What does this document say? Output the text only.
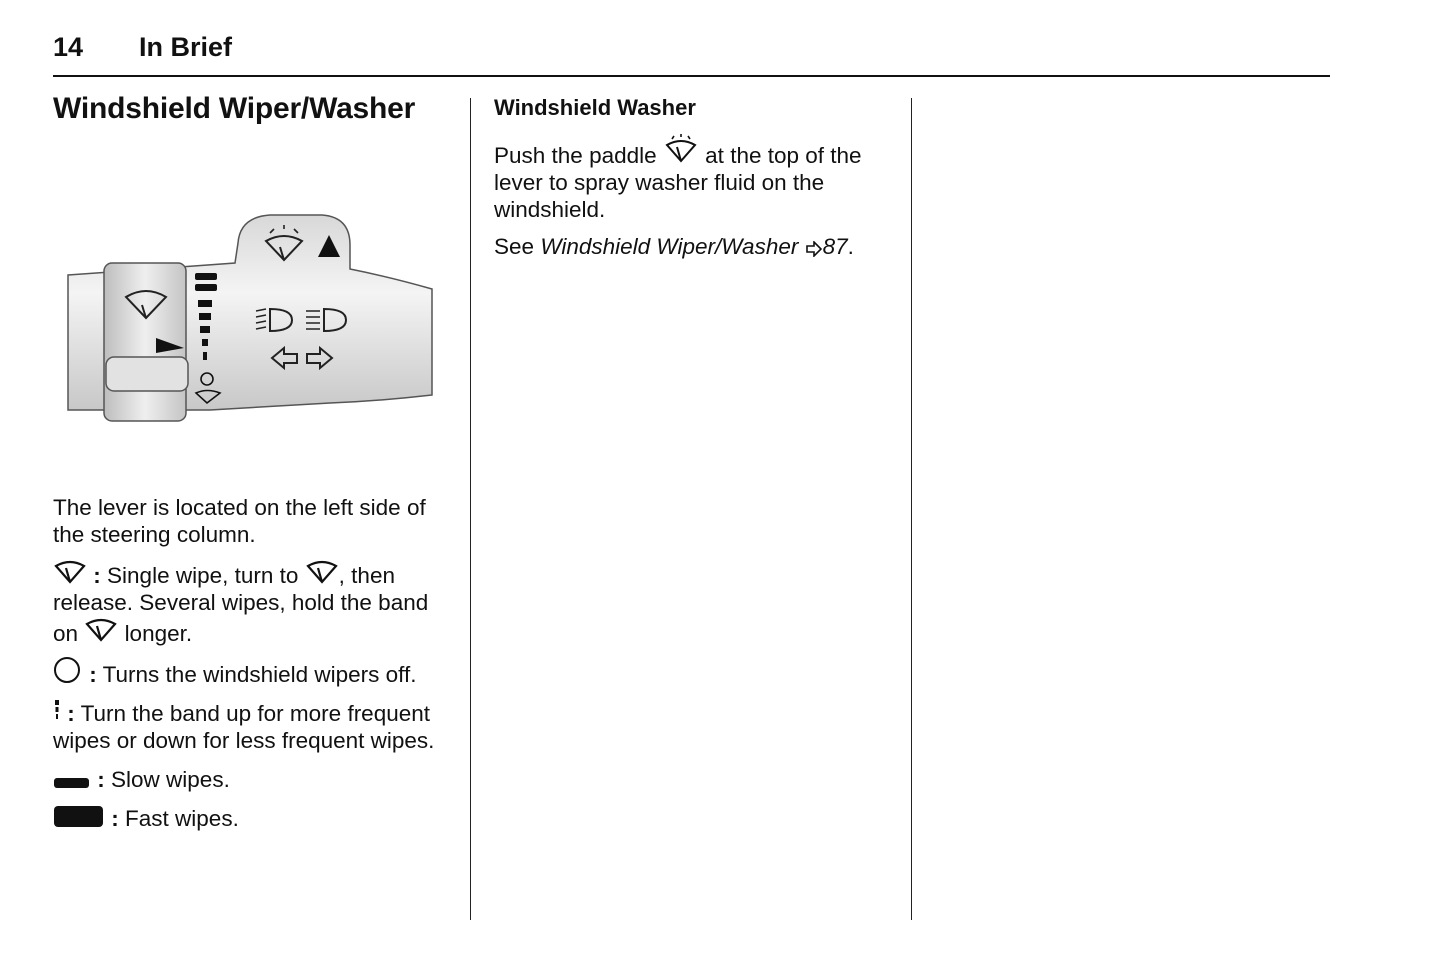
14 In Brief
Windshield Wiper/Washer

The lever is located on the left side of the steering column.

: Single wipe, turn to , then release. Several wipes, hold the band on longer.

: Turns the windshield wipers off.

: Turn the band up for more frequent wipes or down for less frequent wipes.

: Slow wipes.

: Fast wipes.

Windshield Washer

Push the paddle at the top of the lever to spray washer fluid on the windshield.

See Windshield Wiper/Washer 87.
